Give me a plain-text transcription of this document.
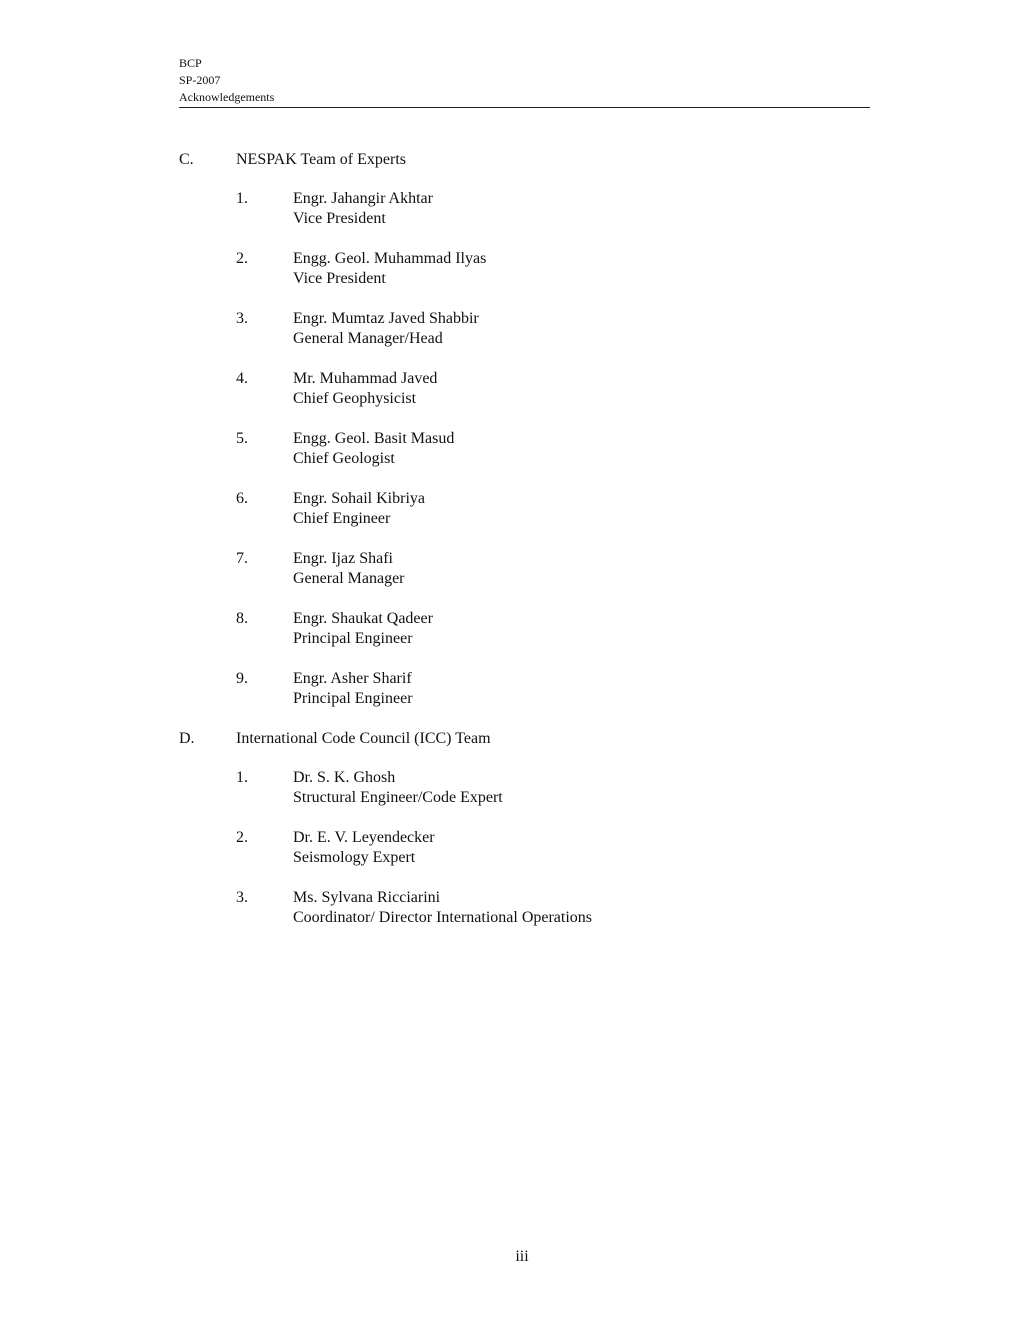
BCP
SP-2007
Acknowledgements
C.	NESPAK Team of Experts
1.	Engr. Jahangir Akhtar
Vice President
2.	Engg. Geol. Muhammad Ilyas
Vice President
3.	Engr. Mumtaz Javed Shabbir
General Manager/Head
4.	Mr. Muhammad Javed
Chief Geophysicist
5.	Engg. Geol. Basit Masud
Chief Geologist
6.	Engr. Sohail Kibriya
Chief Engineer
7.	Engr. Ijaz Shafi
General Manager
8.	Engr. Shaukat Qadeer
Principal Engineer
9.	Engr. Asher Sharif
Principal Engineer
D.	International Code Council (ICC) Team
1.	Dr. S. K. Ghosh
Structural Engineer/Code Expert
2.	Dr. E. V. Leyendecker
Seismology Expert
3.	Ms. Sylvana Ricciarini
Coordinator/ Director International Operations
iii
